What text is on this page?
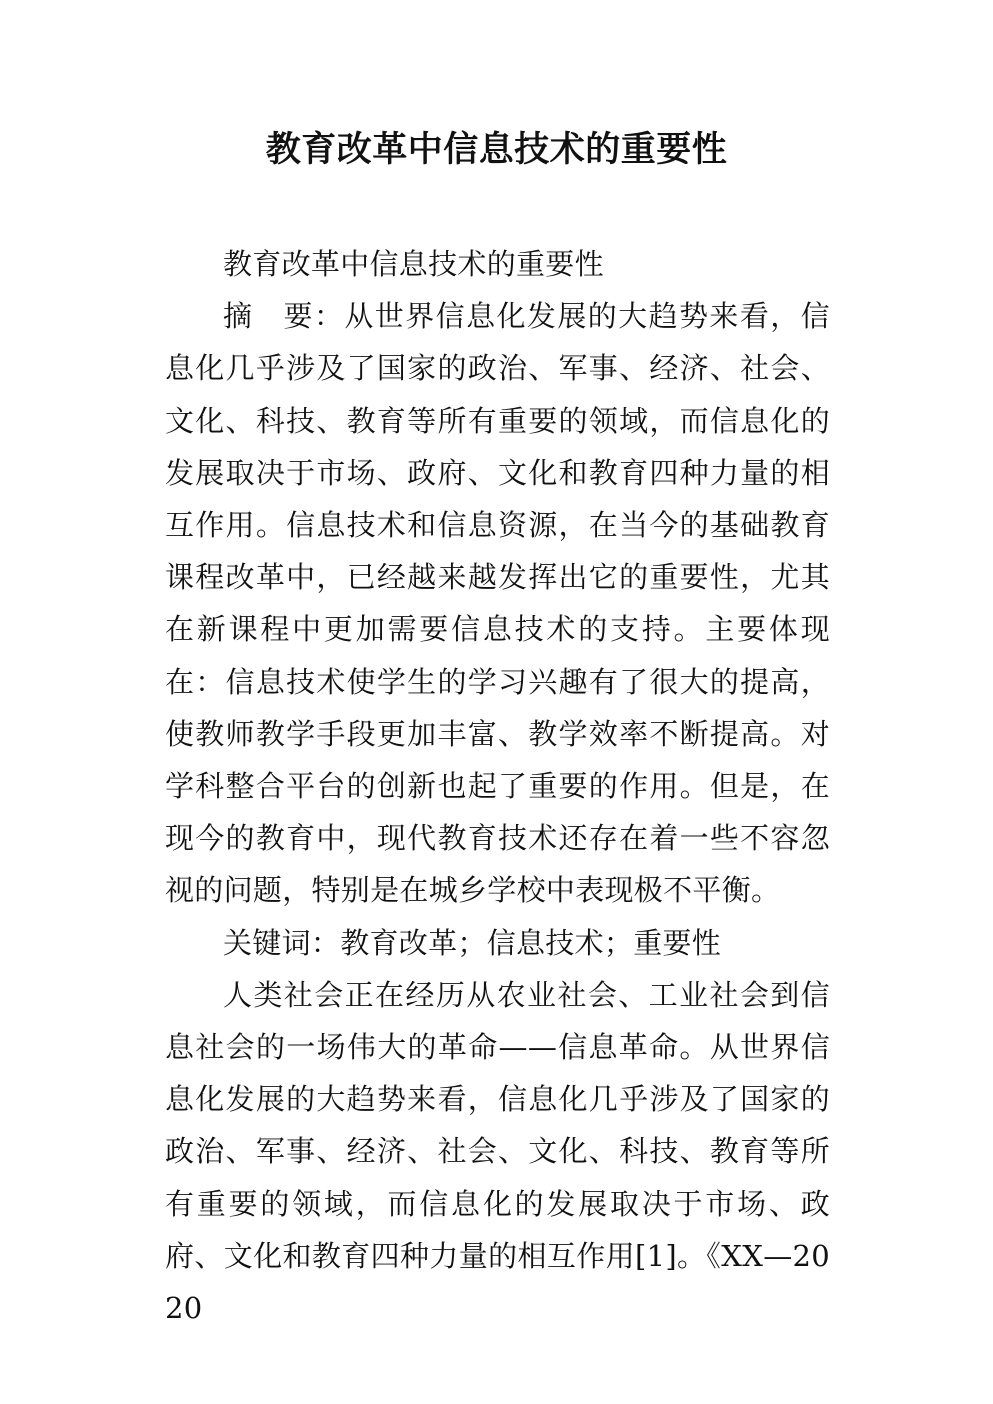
教育改革中信息技术的重要性

教育改革中信息技术的重要性

摘 要：从世界信息化发展的大趋势来看，信息化几乎涉及了国家的政治、军事、经济、社会、文化、科技、教育等所有重要的领域，而信息化的发展取决于市场、政府、文化和教育四种力量的相互作用。信息技术和信息资源，在当今的基础教育课程改革中，已经越来越发挥出它的重要性，尤其在新课程中更加需要信息技术的支持。主要体现在：信息技术使学生的学习兴趣有了很大的提高，使教师教学手段更加丰富、教学效率不断提高。对学科整合平台的创新也起了重要的作用。但是，在现今的教育中，现代教育技术还存在着一些不容忽视的问题，特别是在城乡学校中表现极不平衡。

关键词：教育改革；信息技术；重要性

人类社会正在经历从农业社会、工业社会到信息社会的一场伟大的革命——信息革命。从世界信息化发展的大趋势来看，信息化几乎涉及了国家的政治、军事、经济、社会、文化、科技、教育等所有重要的领域，而信息化的发展取决于市场、政府、文化和教育四种力量的相互作用[1]。《XX—2020
